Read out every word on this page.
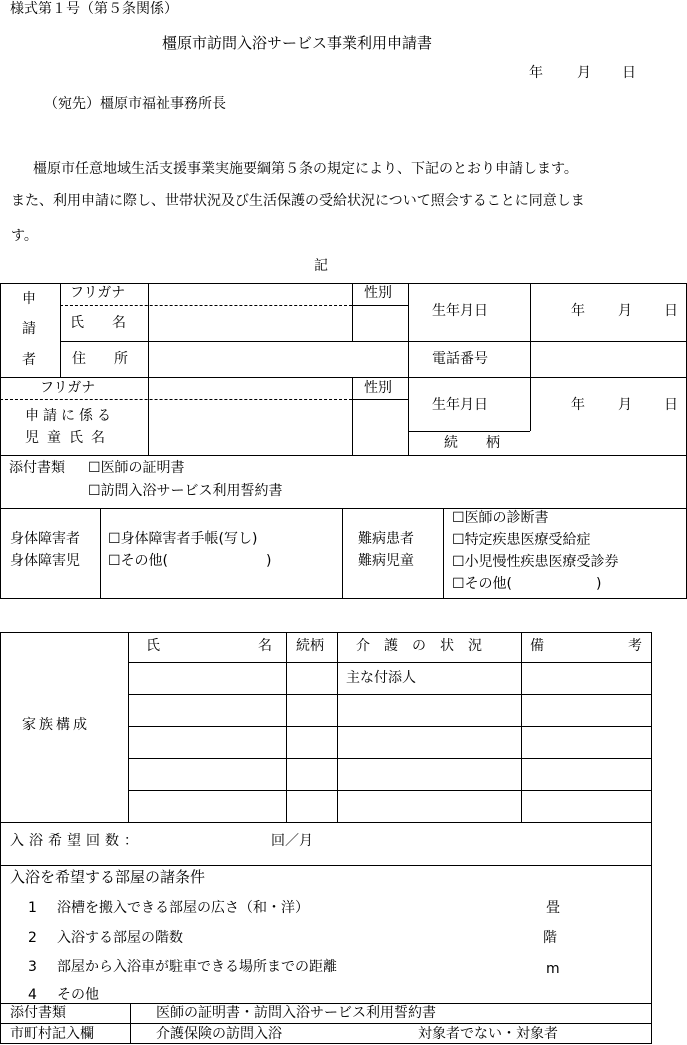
様式第１号（第５条関係）
橿原市訪問入浴サービス事業利用申請書
年 月 日
（宛先）橿原市福祉事務所長
橿原市任意地域生活支援事業実施要綱第５条の規定により、下記のとおり申請します。
また、利用申請に際し、世帯状況及び生活保護の受給状況について照会することに同意しま
す。
記
申
請
者
フリガナ
氏　　名
性別
生年月日	年 月 日
住　　所	電話番号
フリガナ	性別
申請に係る
児童氏名
生年月日	年 月 日
続　　柄
添付書類
☐	医師の証明書
☐ 訪問入浴サービス利用誓約書
身体障害者
身体障害児
☐ 身体障害者手帳(写し)
☐ その他(　　　　　　　)
難病患者
難病児童
☐ 医師の診断書
☐ 特定疾患医療受給症
☐ 小児慢性疾患医療受診券
☐ その他(　　　　　　)
氏	名 続柄 介　護　の　状　況	備	考
家族構成
主な付添人
入浴希望回数：	回／月
入浴を希望する部屋の諸条件
1 浴槽を搬入できる部屋の広さ（和・洋）	畳
2 入浴する部屋の階数	階
3 部屋から入浴車が駐車できる場所までの距離	m
4 その他
添付書類	医師の証明書・訪問入浴サービス利用誓約書
市町村記入欄	介護保険の訪問入浴	対象者でない・対象者
